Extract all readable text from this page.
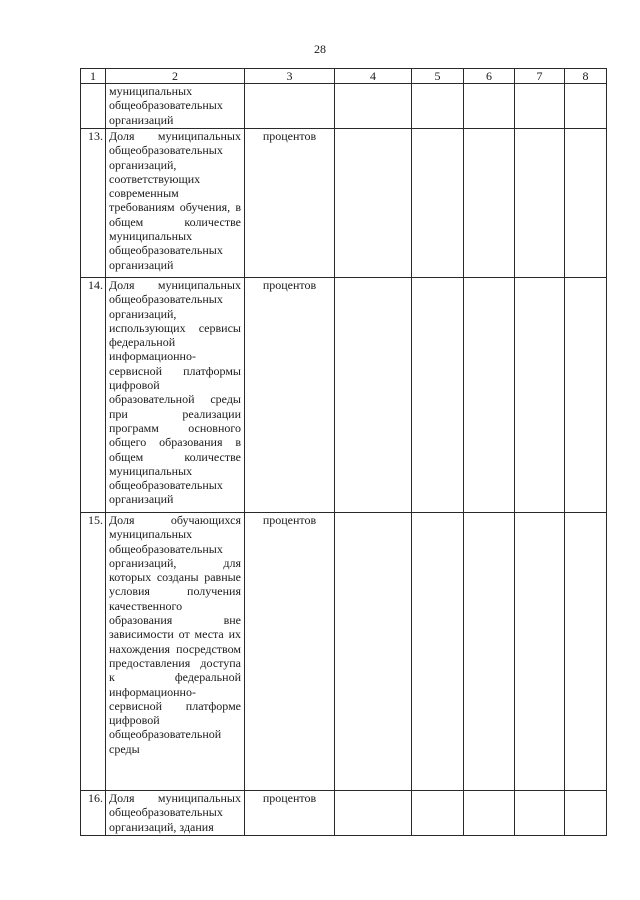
28
1	2	3	4	5	6	7	8
	муниципальных общеобразовательных организаций						
13.	Доля муниципальных общеобразовательных организаций, соответствующих современным требованиям обучения, в общем количестве муниципальных общеобразовательных организаций	процентов					
14.	Доля муниципальных общеобразовательных организаций, использующих сервисы федеральной информационно-сервисной платформы цифровой образовательной среды при реализации программ основного общего образования в общем количестве муниципальных общеобразовательных организаций	процентов					
15.	Доля обучающихся муниципальных общеобразовательных организаций, для которых созданы равные условия получения качественного образования вне зависимости от места их нахождения посредством предоставления доступа к федеральной информационно-сервисной платформе цифровой общеобразовательной среды	процентов					
16.	Доля муниципальных общеобразовательных организаций, здания	процентов					
